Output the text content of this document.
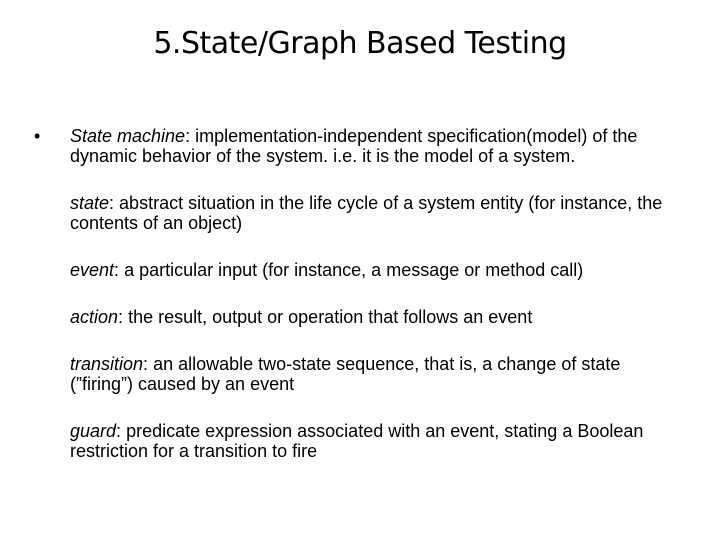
5.State/Graph Based Testing
• State machine: implementation-independent specification(model) of the dynamic behavior of the system. i.e. it is the model of a system.
state: abstract situation in the life cycle of a system entity (for instance, the contents of an object)
event: a particular input (for instance, a message or method call)
action: the result, output or operation that follows an event
transition: an allowable two-state sequence, that is, a change of state (”firing”) caused by an event
guard: predicate expression associated with an event, stating a Boolean restriction for a transition to fire
